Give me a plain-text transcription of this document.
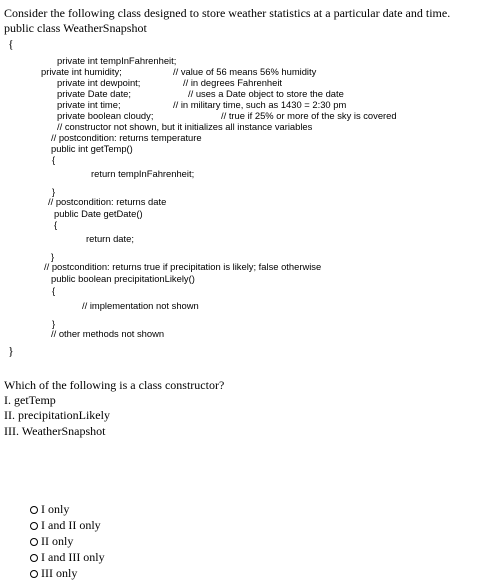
Consider the following class designed to store weather statistics at a particular date and time.
public class WeatherSnapshot
{
private int tempInFahrenheit;
private int humidity;	// value of 56 means 56% humidity
private int dewpoint;	// in degrees Fahrenheit
private Date date;	// uses a Date object to store the date
private int time;	// in military time, such as 1430 = 2:30 pm
private boolean cloudy;	// true if 25% or more of the sky is covered
// constructor not shown, but it initializes all instance variables
// postcondition: returns temperature
public int getTemp()
{
return tempInFahrenheit;
}
// postcondition: returns date
public Date getDate()
{
return date;
}
// postcondition: returns true if precipitation is likely; false otherwise
public boolean precipitationLikely()
{
// implementation not shown
}
// other methods not shown
}
Which of the following is a class constructor?
I. getTemp
II. precipitationLikely
III. WeatherSnapshot
I only
I and II only
II only
I and III only
III only
